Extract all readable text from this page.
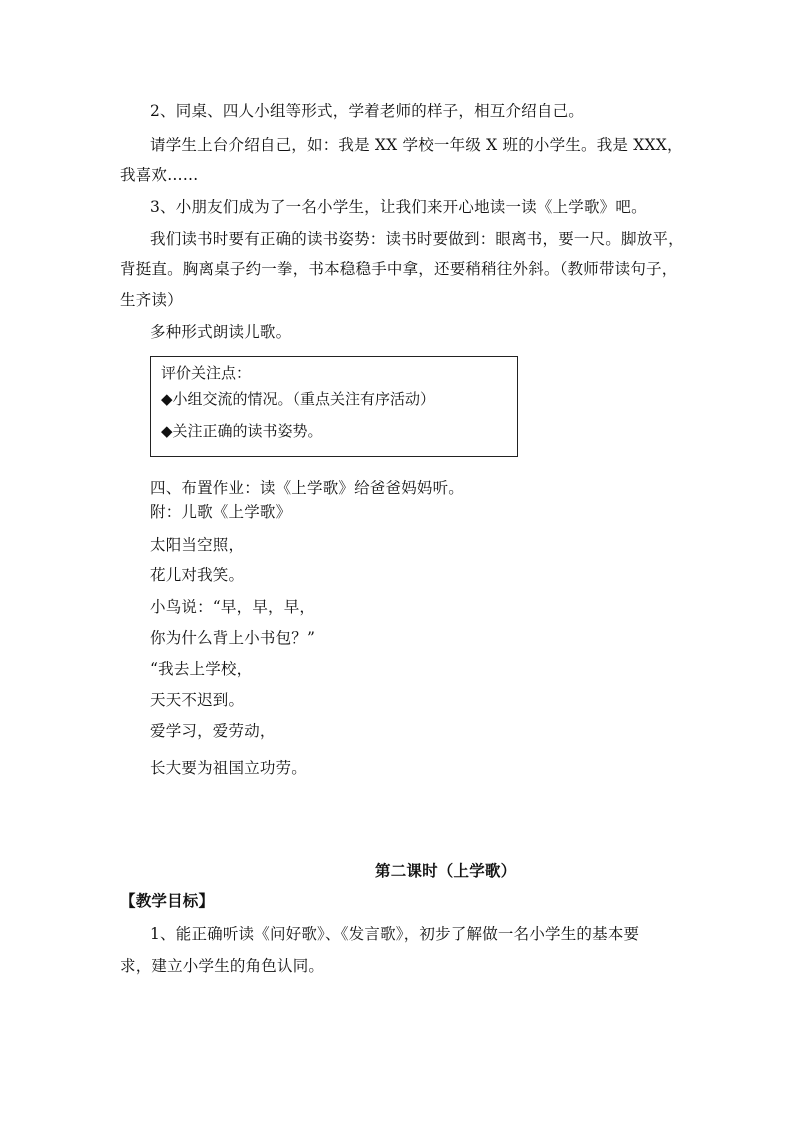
2、同桌、四人小组等形式，学着老师的样子，相互介绍自己。
请学生上台介绍自己，如：我是 XX 学校一年级 X 班的小学生。我是 XXX，
我喜欢……
3、小朋友们成为了一名小学生，让我们来开心地读一读《上学歌》吧。
我们读书时要有正确的读书姿势：读书时要做到：眼离书，要一尺。脚放平，
背挺直。胸离桌子约一拳，书本稳稳手中拿，还要稍稍往外斜。（教师带读句子，
生齐读）
多种形式朗读儿歌。
评价关注点：
◆小组交流的情况。（重点关注有序活动）
◆关注正确的读书姿势。
四、布置作业：读《上学歌》给爸爸妈妈听。
附：儿歌《上学歌》
太阳当空照，
花儿对我笑。
小鸟说：“早，早，早，
你为什么背上小书包？”
“我去上学校，
天天不迟到。
爱学习，爱劳动，
长大要为祖国立功劳。
第二课时（上学歌）
【教学目标】
1、能正确听读《问好歌》、《发言歌》，初步了解做一名小学生的基本要
求，建立小学生的角色认同。
